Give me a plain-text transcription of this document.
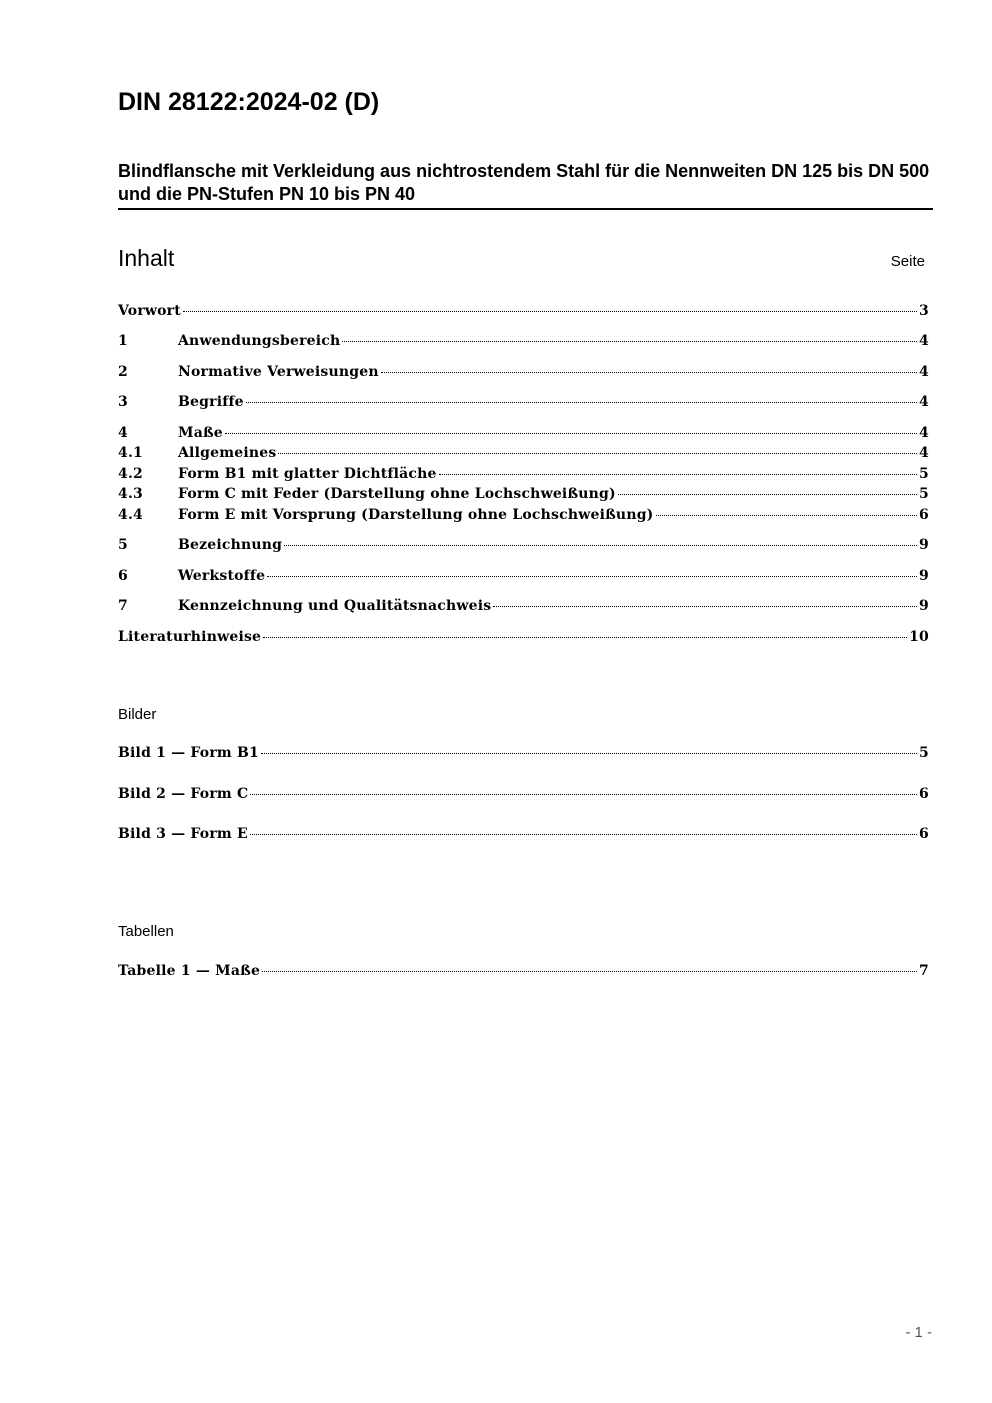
DIN 28122:2024-02 (D)
Blindflansche mit Verkleidung aus nichtrostendem Stahl für die Nennweiten DN 125 bis DN 500 und die PN-Stufen PN 10 bis PN 40
Inhalt	Seite
Vorwort	3
1	Anwendungsbereich	4
2	Normative Verweisungen	4
3	Begriffe	4
4	Maße	4
4.1	Allgemeines	4
4.2	Form B1 mit glatter Dichtfläche	5
4.3	Form C mit Feder (Darstellung ohne Lochschweißung)	5
4.4	Form E mit Vorsprung (Darstellung ohne Lochschweißung)	6
5	Bezeichnung	9
6	Werkstoffe	9
7	Kennzeichnung und Qualitätsnachweis	9
Literaturhinweise	10
Bilder
Bild 1 — Form B1	5
Bild 2 — Form C	6
Bild 3 — Form E	6
Tabellen
Tabelle 1 — Maße	7
- 1 -
